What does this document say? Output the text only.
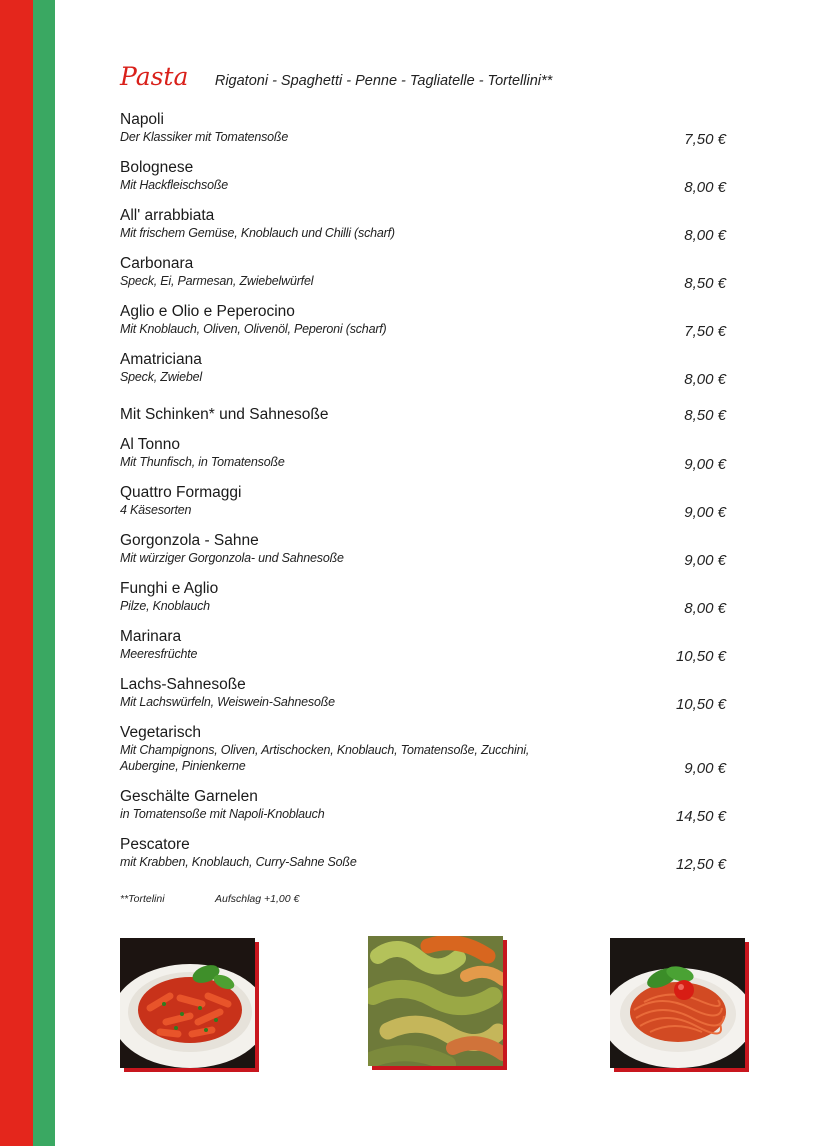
Pasta Rigatoni - Spaghetti - Penne - Tagliatelle - Tortellini**
Napoli
Der Klassiker mit Tomatensoße	7,50 €
Bolognese
Mit Hackfleischsoße	8,00 €
All' arrabbiata
Mit frischem Gemüse, Knoblauch und Chilli (scharf)	8,00 €
Carbonara
Speck, Ei, Parmesan, Zwiebelwürfel	8,50 €
Aglio e Olio e Peperocino
Mit Knoblauch, Oliven, Olivenöl, Peperoni (scharf)	7,50 €
Amatriciana
Speck, Zwiebel	8,00 €
Mit Schinken* und Sahnesoße	8,50 €
Al Tonno
Mit Thunfisch, in Tomatensoße	9,00 €
Quattro Formaggi
4 Käsesorten	9,00 €
Gorgonzola - Sahne
Mit würziger Gorgonzola- und Sahnesoße	9,00 €
Funghi e Aglio
Pilze, Knoblauch	8,00 €
Marinara
Meeresfrüchte	10,50 €
Lachs-Sahnesoße
Mit Lachswürfeln, Weiswein-Sahnesoße	10,50 €
Vegetarisch
Mit Champignons, Oliven, Artischocken, Knoblauch, Tomatensoße, Zucchini,
Aubergine, Pinienkerne	9,00 €
Geschälte Garnelen
in Tomatensoße mit Napoli-Knoblauch	14,50 €
Pescatore
mit Krabben, Knoblauch, Curry-Sahne Soße	12,50 €
**Tortelini	Aufschlag +1,00 €
